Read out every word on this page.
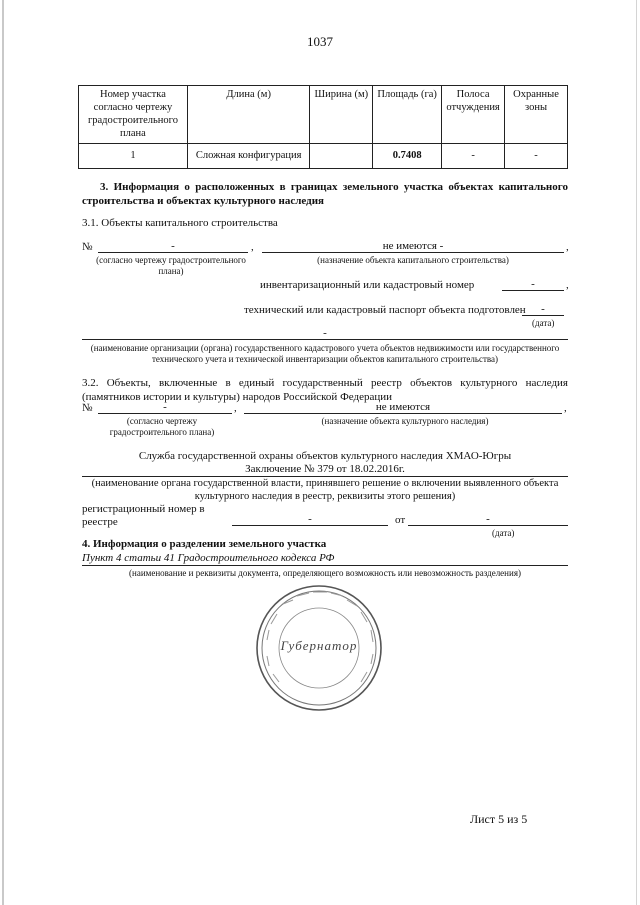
1037
Номер участка согласно чертежу градостроительного плана	Длина (м)	Ширина (м)	Площадь (га)	Полоса отчуждения	Охранные зоны
1	Сложная конфигурация		0.7408	-	-
3. Информация о расположенных в границах земельного участка объектах капитального строительства и объектах культурного наследия
3.1. Объекты капитального строительства
№	-	,	не имеются -	,
(согласно чертежу градостроительного плана)
(назначение объекта капитального строительства)
инвентаризационный или кадастровый номер	-	,
технический или кадастровый паспорт объекта подготовлен	-
(дата)
-
(наименование организации (органа) государственного кадастрового учета объектов недвижимости или государственного технического учета и технической инвентаризации объектов капитального строительства)
3.2. Объекты, включенные в единый государственный реестр объектов культурного наследия (памятников истории и культуры) народов Российской Федерации
№	-	,	не имеются	,
(согласно чертежу градостроительного плана)
(назначение объекта культурного наследия)
Служба государственной охраны объектов культурного наследия ХМАО-Югры
Заключение № 379 от 18.02.2016г.
(наименование органа государственной власти, принявшего решение о включении выявленного объекта культурного наследия в реестр, реквизиты этого решения)
регистрационный номер в
реестре	-	от	-
(дата)
4. Информация о разделении земельного участка
Пункт 4 статьи 41 Градостроительного кодекса РФ
(наименование и реквизиты документа, определяющего возможность или невозможность разделения)
Губернатор
Лист 5 из 5
